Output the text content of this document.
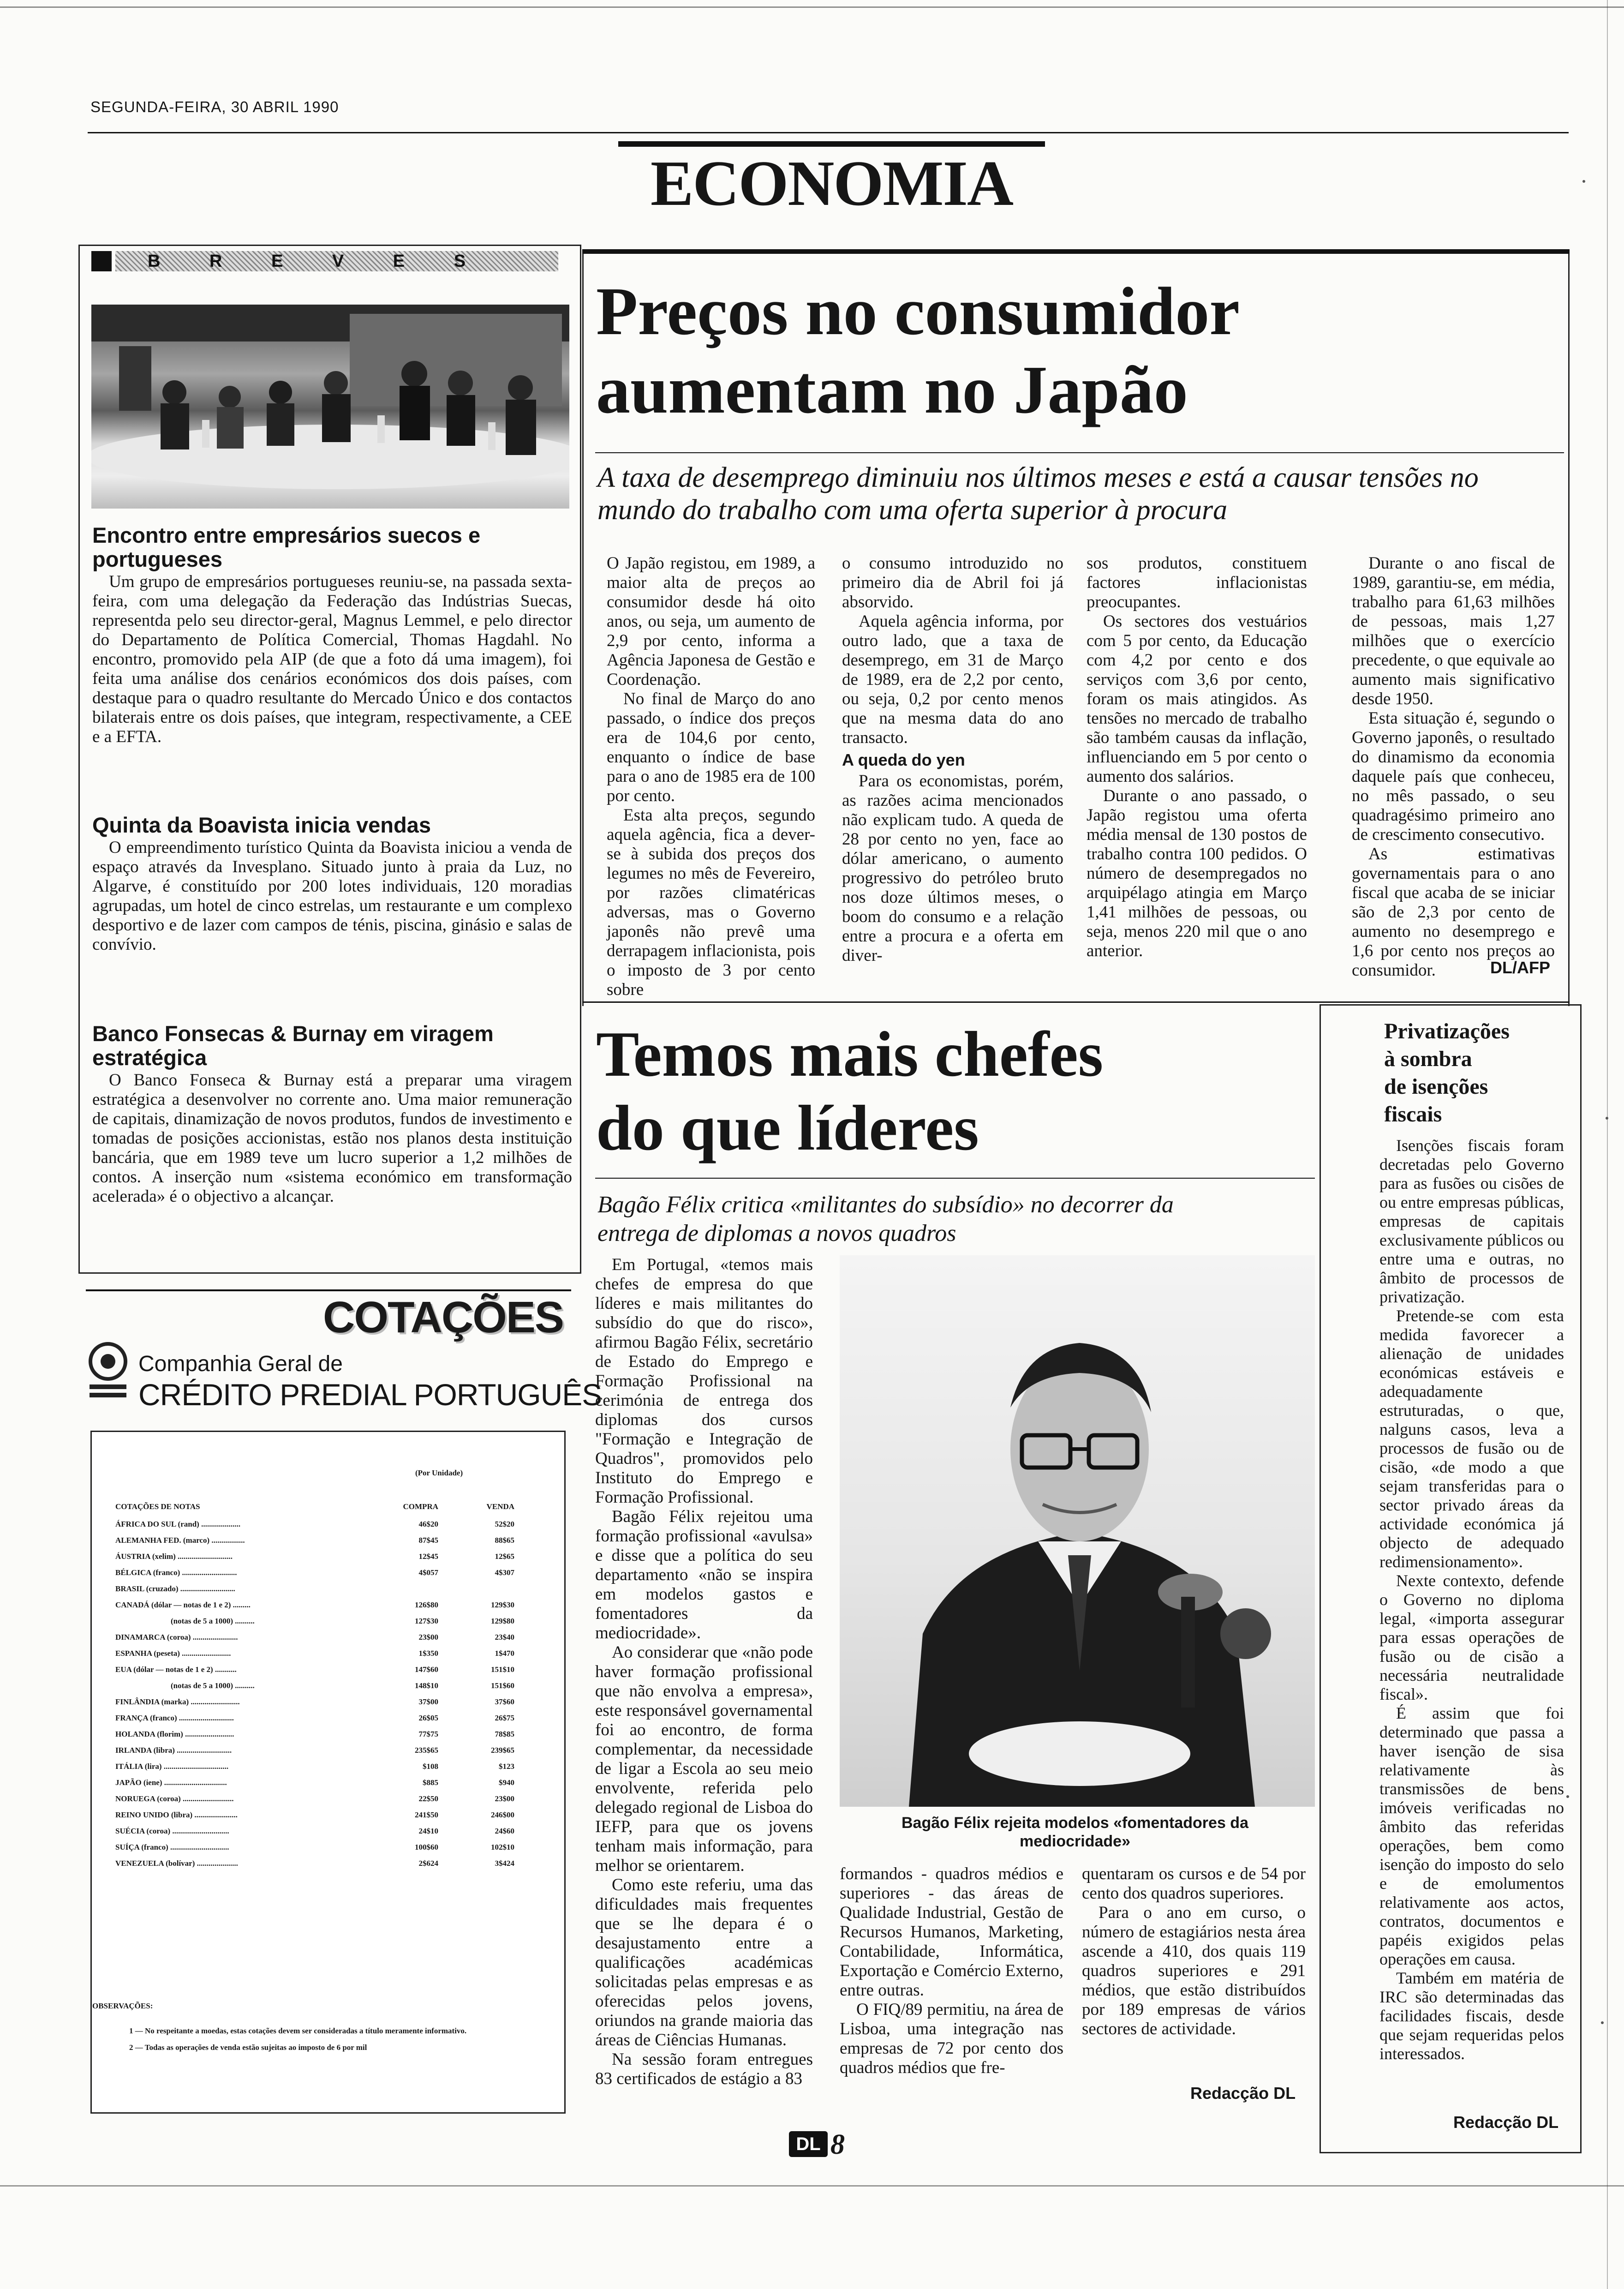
SEGUNDA-FEIRA, 30 ABRIL 1990
ECONOMIA
B R E V E S
Encontro entre empresários suecos e portugueses

Um grupo de empresários portugueses reuniu-se, na passada sexta-feira, com uma delegação da Federação das Indústrias Suecas, representda pelo seu director-geral, Magnus Lemmel, e pelo director do Departamento de Política Comercial, Thomas Hagdahl. No encontro, promovido pela AIP (de que a foto dá uma imagem), foi feita uma análise dos cenários económicos dos dois países, com destaque para o quadro resultante do Mercado Único e dos contactos bilaterais entre os dois países, que integram, respectivamente, a CEE e a EFTA.

Quinta da Boavista inicia vendas

O empreendimento turístico Quinta da Boavista iniciou a venda de espaço através da Invesplano. Situado junto à praia da Luz, no Algarve, é constituído por 200 lotes individuais, 120 moradias agrupadas, um hotel de cinco estrelas, um restaurante e um complexo desportivo e de lazer com campos de ténis, piscina, ginásio e salas de convívio.

Banco Fonsecas & Burnay em viragem estratégica

O Banco Fonseca & Burnay está a preparar uma viragem estratégica a desenvolver no corrente ano. Uma maior remuneração de capitais, dinamização de novos produtos, fundos de investimento e tomadas de posições accionistas, estão nos planos desta instituição bancária, que em 1989 teve um lucro superior a 1,2 milhões de contos. A inserção num «sistema económico em transformação acelerada» é o objectivo a alcançar.

COTAÇÕES
Companhia Geral de
CRÉDITO PREDIAL PORTUGUÊS
(Por Unidade)
COTAÇÕES DE NOTAS	COMPRA	VENDA
ÁFRICA DO SUL (rand) ....................	46$20	52$20
ALEMANHA FED. (marco) .................	87$45	88$65
ÁUSTRIA (xelim) ............................	12$45	12$65
BÉLGICA (franco) ............................	4$057	4$307
BRASIL (cruzado) ............................
CANADÁ (dólar — notas de 1 e 2) .........	126$80	129$30
(notas de 5 a 1000) ..........	127$30	129$80
DINAMARCA (coroa) .......................	23$00	23$40
ESPANHA (peseta) .........................	1$350	1$470
EUA (dólar — notas de 1 e 2) ...........	147$60	151$10
(notas de 5 a 1000) ..........	148$10	151$60
FINLÂNDIA (marka) .........................	37$00	37$60
FRANÇA (franco) ............................	26$05	26$75
HOLANDA (florim) .........................	77$75	78$85
IRLANDA (libra) ............................	235$65	239$65
ITÁLIA (lira) .................................	$108	$123
JAPÃO (iene) ................................	$885	$940
NORUEGA (coroa) ..........................	22$50	23$00
REINO UNIDO (libra) ......................	241$50	246$00
SUÉCIA (coroa) .............................	24$10	24$60
SUÍÇA (franco) ..............................	100$60	102$10
VENEZUELA (bolívar) .....................	2$624	3$424
OBSERVAÇÕES:
1 — No respeitante a moedas, estas cotações devem ser consideradas a título meramente informativo.
2 — Todas as operações de venda estão sujeitas ao imposto de 6 por mil
Preços no consumidor
aumentam no Japão
A taxa de desemprego diminuiu nos últimos meses e está a causar tensões no mundo do trabalho com uma oferta superior à procura

O Japão registou, em 1989, a maior alta de preços ao consumidor desde há oito anos, ou seja, um aumento de 2,9 por cento, informa a Agência Japonesa de Gestão e Coordenação.

No final de Março do ano passado, o índice dos preços era de 104,6 por cento, enquanto o índice de base para o ano de 1985 era de 100 por cento.

Esta alta preços, segundo aquela agência, fica a dever-se à subida dos preços dos legumes no mês de Fevereiro, por razões climatéricas adversas, mas o Governo japonês não prevê uma derrapagem inflacionista, pois o imposto de 3 por cento sobre

o consumo introduzido no primeiro dia de Abril foi já absorvido.

Aquela agência informa, por outro lado, que a taxa de desemprego, em 31 de Março de 1989, era de 2,2 por cento, ou seja, 0,2 por cento menos que na mesma data do ano transacto.

A queda do yen

Para os economistas, porém, as razões acima mencionados não explicam tudo. A queda de 28 por cento no yen, face ao dólar americano, o aumento progressivo do petróleo bruto nos doze últimos meses, o boom do consumo e a relação entre a procura e a oferta em diver-

sos produtos, constituem factores inflacionistas preocupantes.

Os sectores dos vestuários com 5 por cento, da Educação com 4,2 por cento e dos serviços com 3,6 por cento, foram os mais atingidos. As tensões no mercado de trabalho são também causas da inflação, influenciando em 5 por cento o aumento dos salários.

Durante o ano passado, o Japão registou uma oferta média mensal de 130 postos de trabalho contra 100 pedidos. O número de desempregados no arquipélago atingia em Março 1,41 milhões de pessoas, ou seja, menos 220 mil que o ano anterior.

Durante o ano fiscal de 1989, garantiu-se, em média, trabalho para 61,63 milhões de pessoas, mais 1,27 milhões que o exercício precedente, o que equivale ao aumento mais significativo desde 1950.

Esta situação é, segundo o Governo japonês, o resultado do dinamismo da economia daquele país que conheceu, no mês passado, o seu quadragésimo primeiro ano de crescimento consecutivo.

As estimativas governamentais para o ano fiscal que acaba de se iniciar são de 2,3 por cento de aumento no desemprego e 1,6 por cento nos preços ao consumidor.	DL/AFP
Temos mais chefes
do que líderes
Bagão Félix critica «militantes do subsídio» no decorrer da entrega de diplomas a novos quadros

Em Portugal, «temos mais chefes de empresa do que líderes e mais militantes do subsídio do que do risco», afirmou Bagão Félix, secretário de Estado do Emprego e Formação Profissional na cerimónia de entrega dos diplomas dos cursos "Formação e Integração de Quadros", promovidos pelo Instituto do Emprego e Formação Profissional.

Bagão Félix rejeitou uma formação profissional «avulsa» e disse que a política do seu departamento «não se inspira em modelos gastos e fomentadores da mediocridade».

Ao considerar que «não pode haver formação profissional que não envolva a empresa», este responsável governamental foi ao encontro, de forma complementar, da necessidade de ligar a Escola ao seu meio envolvente, referida pelo delegado regional de Lisboa do IEFP, para que os jovens tenham mais informação, para melhor se orientarem.

Como este referiu, uma das dificuldades mais frequentes que se lhe depara é o desajustamento entre a qualificações académicas solicitadas pelas empresas e as oferecidas pelos jovens, oriundos na grande maioria das áreas de Ciências Humanas.

Na sessão foram entregues 83 certificados de estágio a 83

Bagão Félix rejeita modelos «fomentadores da mediocridade»

formandos - quadros médios e superiores - das áreas de Qualidade Industrial, Gestão de Recursos Humanos, Marketing, Contabilidade, Informática, Exportação e Comércio Externo, entre outras.

O FIQ/89 permitiu, na área de Lisboa, uma integração nas empresas de 72 por cento dos quadros médios que fre-

quentaram os cursos e de 54 por cento dos quadros superiores.

Para o ano em curso, o número de estagiários nesta área ascende a 410, dos quais 119 quadros superiores e 291 médios, que estão distribuídos por 189 empresas de vários sectores de actividade.

Redacção DL
Privatizações
à sombra
de isenções
fiscais

Isenções fiscais foram decretadas pelo Governo para as fusões ou cisões de ou entre empresas públicas, empresas de capitais exclusivamente públicos ou entre uma e outras, no âmbito de processos de privatização.

Pretende-se com esta medida favorecer a alienação de unidades económicas estáveis e adequadamente estruturadas, o que, nalguns casos, leva a processos de fusão ou de cisão, «de modo a que sejam transferidas para o sector privado áreas da actividade económica já objecto de adequado redimensionamento».

Nexte contexto, defende o Governo no diploma legal, «importa assegurar para essas operações de fusão ou de cisão a necessária neutralidade fiscal».

É assim que foi determinado que passa a haver isenção de sisa relativamente às transmissões de bens imóveis verificadas no âmbito das referidas operações, bem como isenção do imposto do selo e de emolumentos relativamente aos actos, contratos, documentos e papéis exigidos pelas operações em causa.

Também em matéria de IRC são determinadas das facilidades fiscais, desde que sejam requeridas pelos interessados.

Redacção DL
DL 8
